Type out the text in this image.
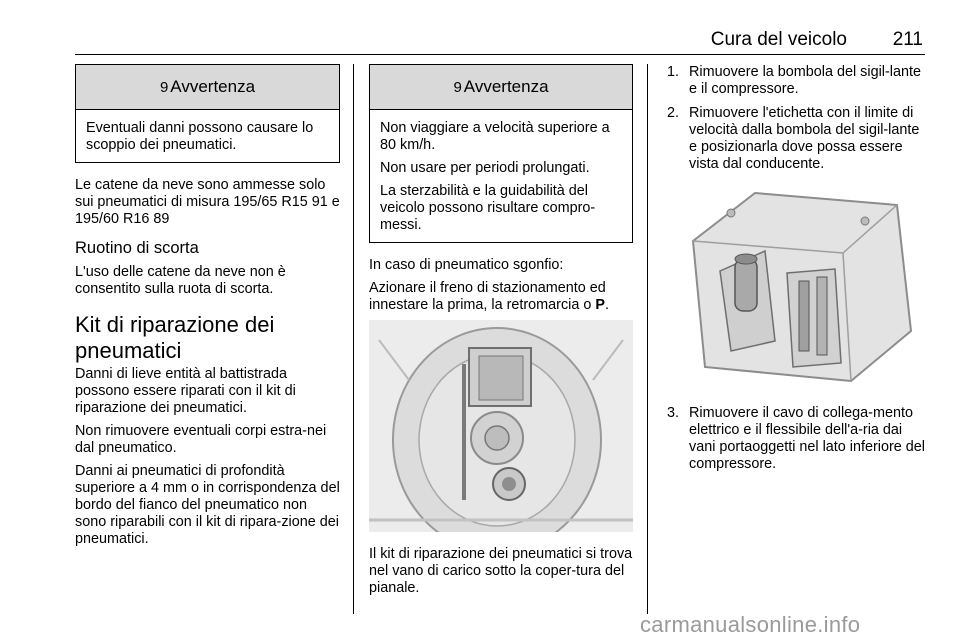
Cura del veicolo 211
9 Avvertenza

Eventuali danni possono causare lo scoppio dei pneumatici.

Le catene da neve sono ammesse solo sui pneumatici di misura 195/65 R15 91 e 195/60 R16 89

Ruotino di scorta

L'uso delle catene da neve non è consentito sulla ruota di scorta.

Kit di riparazione dei
pneumatici

Danni di lieve entità al battistrada possono essere riparati con il kit di riparazione dei pneumatici.

Non rimuovere eventuali corpi estra-nei dal pneumatico.

Danni ai pneumatici di profondità superiore a 4 mm o in corrispondenza del bordo del fianco del pneumatico non sono riparabili con il kit di ripara-zione dei pneumatici.

9 Avvertenza

Non viaggiare a velocità superiore a 80 km/h.

Non usare per periodi prolungati.

La sterzabilità e la guidabilità del veicolo possono risultare compro-messi.

In caso di pneumatico sgonfio:

Azionare il freno di stazionamento ed innestare la prima, la retromarcia o P.

Il kit di riparazione dei pneumatici si trova nel vano di carico sotto la coper-tura del pianale.

1. Rimuovere la bombola del sigil-lante e il compressore.
2. Rimuovere l'etichetta con il limite di velocità dalla bombola del sigil-lante e posizionarla dove possa essere vista dal conducente.
3. Rimuovere il cavo di collega-mento elettrico e il flessibile dell'a-ria dai vani portaoggetti nel lato inferiore del compressore.
carmanualsonline.info
